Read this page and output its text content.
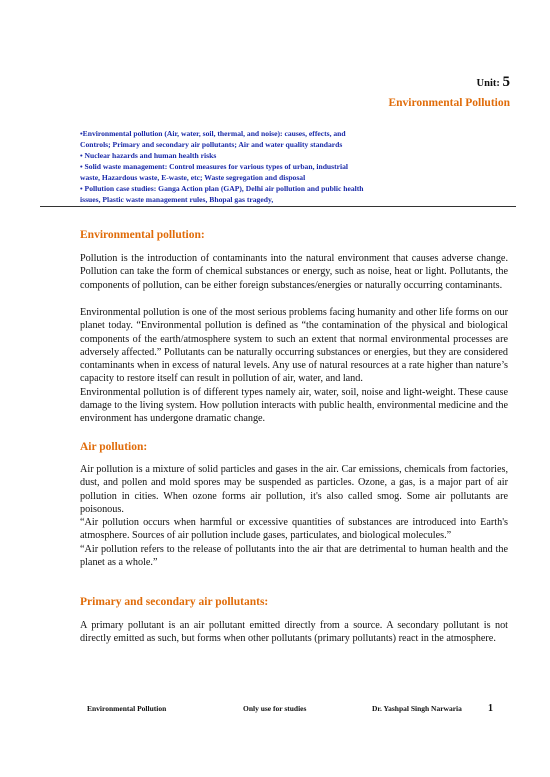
Unit: 5
Environmental Pollution
•Environmental pollution (Air, water, soil, thermal, and noise): causes, effects, and
Controls; Primary and secondary air pollutants; Air and water quality standards
• Nuclear hazards and human health risks
• Solid waste management: Control measures for various types of urban, industrial
waste, Hazardous waste, E-waste, etc; Waste segregation and disposal
• Pollution case studies: Ganga Action plan (GAP), Delhi air pollution and public health
issues, Plastic waste management rules, Bhopal gas tragedy,
Environmental pollution:

Pollution is the introduction of contaminants into the natural environment that causes adverse change. Pollution can take the form of chemical substances or energy, such as noise, heat or light. Pollutants, the components of pollution, can be either foreign substances/energies or naturally occurring contaminants.

Environmental pollution is one of the most serious problems facing humanity and other life forms on our planet today. “Environmental pollution is defined as “the contamination of the physical and biological components of the earth/atmosphere system to such an extent that normal environmental processes are adversely affected.” Pollutants can be naturally occurring substances or energies, but they are considered contaminants when in excess of natural levels. Any use of natural resources at a rate higher than nature’s capacity to restore itself can result in pollution of air, water, and land.

Environmental pollution is of different types namely air, water, soil, noise and light-weight. These cause damage to the living system. How pollution interacts with public health, environmental medicine and the environment has undergone dramatic change.

Air pollution:

Air pollution is a mixture of solid particles and gases in the air. Car emissions, chemicals from factories, dust, and pollen and mold spores may be suspended as particles. Ozone, a gas, is a major part of air pollution in cities. When ozone forms air pollution, it's also called smog. Some air pollutants are poisonous.

“Air pollution occurs when harmful or excessive quantities of substances are introduced into Earth's atmosphere. Sources of air pollution include gases, particulates, and biological molecules.”

“Air pollution refers to the release of pollutants into the air that are detrimental to human health and the planet as a whole.”

Primary and secondary air pollutants:

A primary pollutant is an air pollutant emitted directly from a source. A secondary pollutant is not directly emitted as such, but forms when other pollutants (primary pollutants) react in the atmosphere.

Environmental Pollution	Only use for studies	Dr. Yashpal Singh Narwaria	1
